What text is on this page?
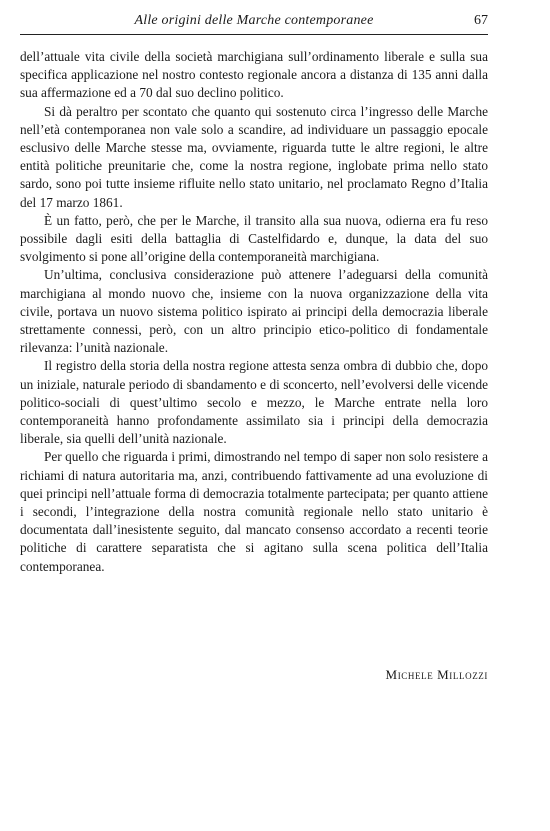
Alle origini delle Marche contemporanee	67

dell’attuale vita civile della società marchigiana sull’ordinamento liberale e sulla sua specifica applicazione nel nostro contesto regionale ancora a distanza di 135 anni dalla sua affermazione ed a 70 dal suo declino politico.

Si dà peraltro per scontato che quanto qui sostenuto circa l’ingresso delle Marche nell’età contemporanea non vale solo a scandire, ad individuare un passaggio epocale esclusivo delle Marche stesse ma, ovviamente, riguarda tutte le altre regioni, le altre entità politiche preunitarie che, come la nostra regione, inglobate prima nello stato sardo, sono poi tutte insieme rifluite nello stato unitario, nel proclamato Regno d’Italia del 17 marzo 1861.

È un fatto, però, che per le Marche, il transito alla sua nuova, odierna era fu reso possibile dagli esiti della battaglia di Castelfidardo e, dunque, la data del suo svolgimento si pone all’origine della contemporaneità marchigiana.

Un’ultima, conclusiva considerazione può attenere l’adeguarsi della comunità marchigiana al mondo nuovo che, insieme con la nuova organizzazione della vita civile, portava un nuovo sistema politico ispirato ai principi della democrazia liberale strettamente connessi, però, con un altro principio etico-politico di fondamentale rilevanza: l’unità nazionale.

Il registro della storia della nostra regione attesta senza ombra di dubbio che, dopo un iniziale, naturale periodo di sbandamento e di sconcerto, nell’evolversi delle vicende politico-sociali di quest’ultimo secolo e mezzo, le Marche entrate nella loro contemporaneità hanno profondamente assimilato sia i principi della democrazia liberale, sia quelli dell’unità nazionale.

Per quello che riguarda i primi, dimostrando nel tempo di saper non solo resistere a richiami di natura autoritaria ma, anzi, contribuendo fattivamente ad una evoluzione di quei principi nell’attuale forma di democrazia totalmente partecipata; per quanto attiene i secondi, l’integrazione della nostra comunità regionale nello stato unitario è documentata dall’inesistente seguito, dal mancato consenso accordato a recenti teorie politiche di carattere separatista che si agitano sulla scena politica dell’Italia contemporanea.

Michele Millozzi
